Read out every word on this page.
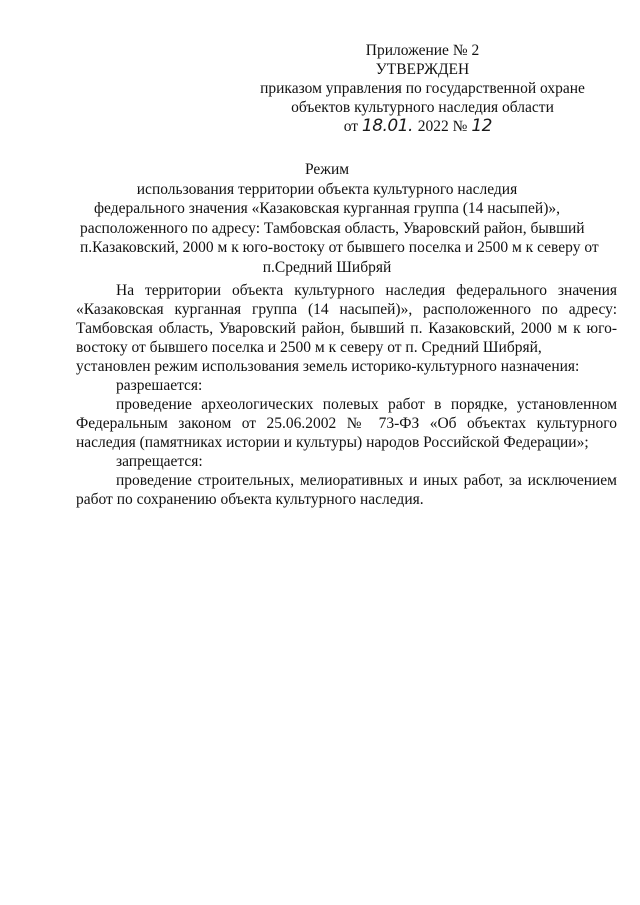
Приложение № 2
УТВЕРЖДЕН
приказом управления по государственной охране
объектов культурного наследия области
от 18.01. 2022 № 12
Режим
использования территории объекта культурного наследия
федерального значения «Казаковская курганная группа (14 насыпей)»,
расположенного по адресу: Тамбовская область, Уваровский район, бывший
п.Казаковский, 2000 м к юго-востоку от бывшего поселка и 2500 м к северу от
п.Средний Шибряй
На территории объекта культурного наследия федерального значения
«Казаковская курганная группа (14 насыпей)», расположенного по адресу:
Тамбовская область, Уваровский район, бывший п. Казаковский, 2000 м к юго-
востоку от бывшего поселка и 2500 м к северу от п. Средний Шибряй,
установлен режим использования земель историко-культурного назначения:
разрешается:
проведение археологических полевых работ в порядке, установленном
Федеральным законом от 25.06.2002 № 73-ФЗ «Об объектах культурного
наследия (памятниках истории и культуры) народов Российской Федерации»;
запрещается:
проведение строительных, мелиоративных и иных работ, за исключением
работ по сохранению объекта культурного наследия.
